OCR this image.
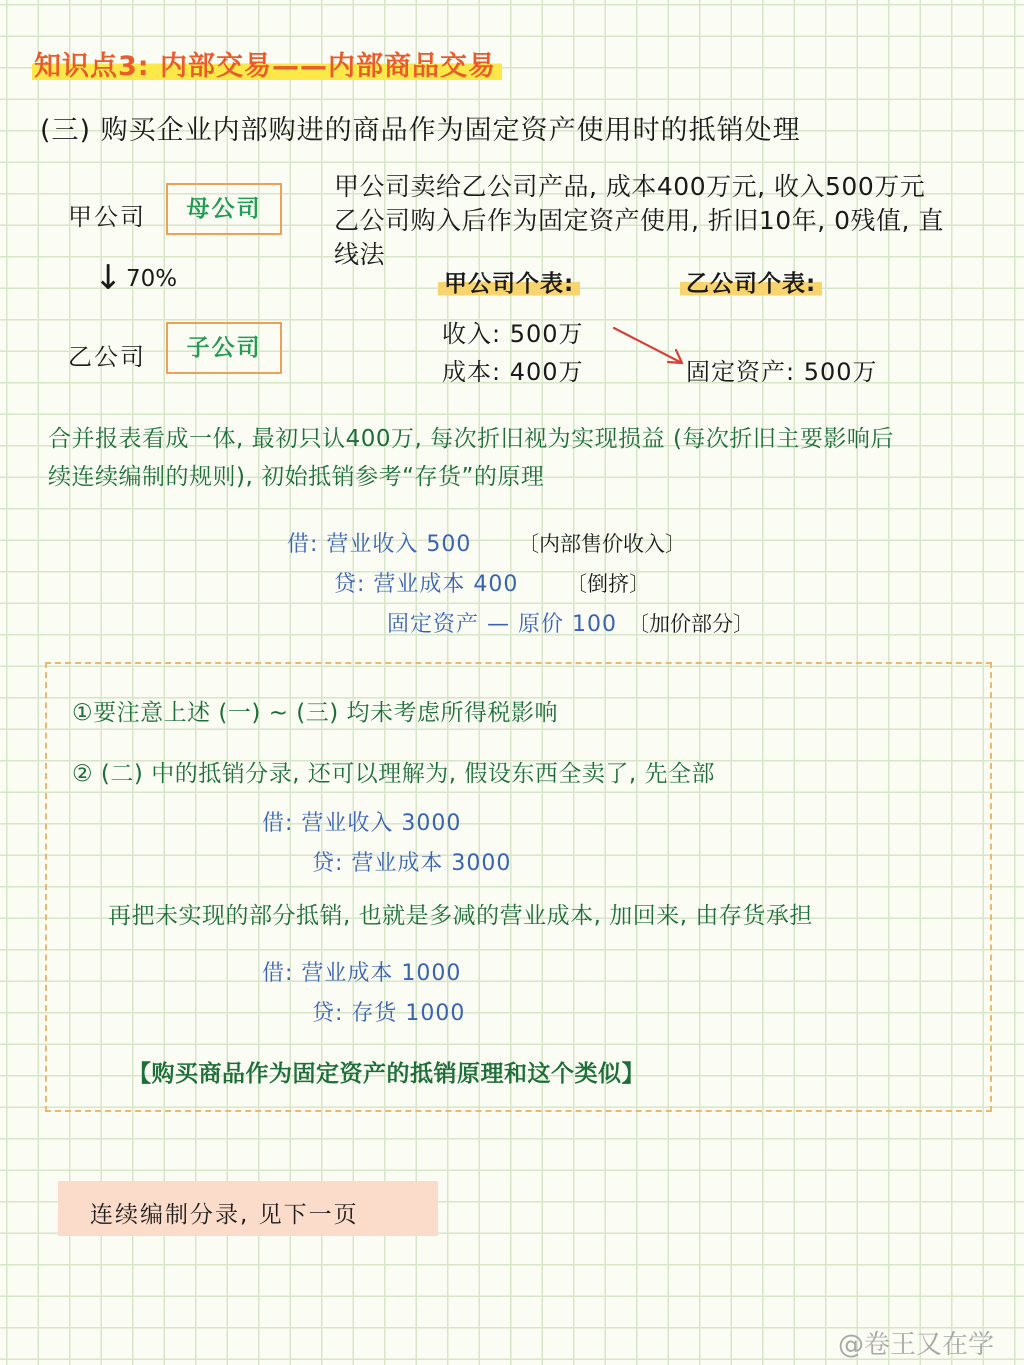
知识点3: 内部交易——内部商品交易
(三) 购买企业内部购进的商品作为固定资产使用时的抵销处理
甲公司	母公司
↓ 70%
乙公司	子公司
甲公司卖给乙公司产品, 成本400万元, 收入500万元
乙公司购入后作为固定资产使用, 折旧10年, 0残值, 直
线法
甲公司个表:	乙公司个表:
收入: 500万
成本: 400万	固定资产: 500万
合并报表看成一体, 最初只认400万, 每次折旧视为实现损益 (每次折旧主要影响后
续连续编制的规则), 初始抵销参考“存货”的原理
借: 营业收入 500 〔内部售价收入〕
贷: 营业成本 400 〔倒挤〕
固定资产 — 原价 100 〔加价部分〕
①要注意上述 (一) ~ (三) 均未考虑所得税影响
② (二) 中的抵销分录, 还可以理解为, 假设东西全卖了, 先全部
借: 营业收入 3000
贷: 营业成本 3000
再把未实现的部分抵销, 也就是多减的营业成本, 加回来, 由存货承担
借: 营业成本 1000
贷: 存货 1000
【购买商品作为固定资产的抵销原理和这个类似】
连续编制分录, 见下一页
@卷王又在学
